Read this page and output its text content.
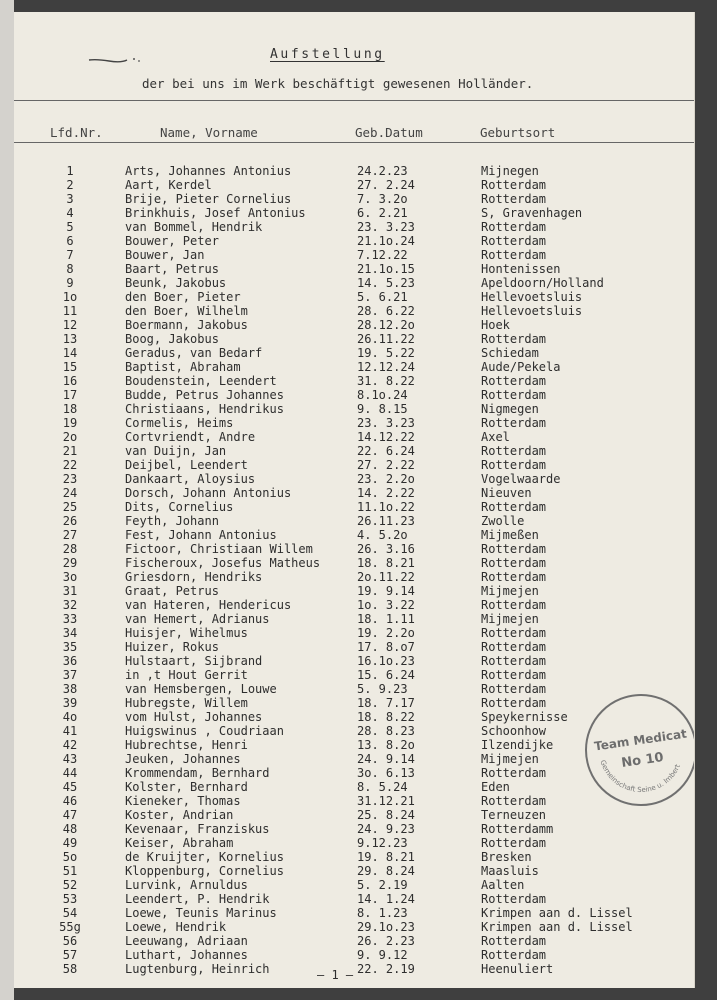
Aufstellung
der bei uns im Werk beschäftigt gewesenen Holländer.
Lfd.Nr.	Name, Vorname	Geb.Datum	Geburtsort
1	Arts, Johannes Antonius	24.2.23	Mijnegen
2	Aart, Kerdel	27. 2.24	Rotterdam
3	Brije, Pieter Cornelius	7. 3.2o	Rotterdam
4	Brinkhuis, Josef Antonius	6. 2.21	S, Gravenhagen
5	van Bommel, Hendrik	23. 3.23	Rotterdam
6	Bouwer, Peter	21.1o.24	Rotterdam
7	Bouwer, Jan	7.12.22	Rotterdam
8	Baart, Petrus	21.1o.15	Hontenissen
9	Beunk, Jakobus	14. 5.23	Apeldoorn/Holland
1o	den Boer, Pieter	5. 6.21	Hellevoetsluis
11	den Boer, Wilhelm	28. 6.22	Hellevoetsluis
12	Boermann, Jakobus	28.12.2o	Hoek
13	Boog, Jakobus	26.11.22	Rotterdam
14	Geradus, van Bedarf	19. 5.22	Schiedam
15	Baptist, Abraham	12.12.24	Aude/Pekela
16	Boudenstein, Leendert	31. 8.22	Rotterdam
17	Budde, Petrus Johannes	8.1o.24	Rotterdam
18	Christiaans, Hendrikus	9. 8.15	Nigmegen
19	Cormelis, Heims	23. 3.23	Rotterdam
2o	Cortvriendt, Andre	14.12.22	Axel
21	van Duijn, Jan	22. 6.24	Rotterdam
22	Deijbel, Leendert	27. 2.22	Rotterdam
23	Dankaart, Aloysius	23. 2.2o	Vogelwaarde
24	Dorsch, Johann Antonius	14. 2.22	Nieuven
25	Dits, Cornelius	11.1o.22	Rotterdam
26	Feyth, Johann	26.11.23	Zwolle
27	Fest, Johann Antonius	4. 5.2o	Mijmeßen
28	Fictoor, Christiaan Willem	26. 3.16	Rotterdam
29	Fischeroux, Josefus Matheus	18. 8.21	Rotterdam
3o	Griesdorn, Hendriks	2o.11.22	Rotterdam
31	Graat, Petrus	19. 9.14	Mijmejen
32	van Hateren, Hendericus	1o. 3.22	Rotterdam
33	van Hemert, Adrianus	18. 1.11	Mijmejen
34	Huisjer, Wihelmus	19. 2.2o	Rotterdam
35	Huizer, Rokus	17. 8.o7	Rotterdam
36	Hulstaart, Sijbrand	16.1o.23	Rotterdam
37	in ,t Hout Gerrit	15. 6.24	Rotterdam
38	van Hemsbergen, Louwe	5. 9.23	Rotterdam
39	Hubregste, Willem	18. 7.17	Rotterdam
4o	vom Hulst, Johannes	18. 8.22	Speykernisse
41	Huigswinus , Coudriaan	28. 8.23	Schoonhow
42	Hubrechtse, Henri	13. 8.2o	Ilzendijke
43	Jeuken, Johannes	24. 9.14	Mijmejen
44	Krommendam, Bernhard	3o. 6.13	Rotterdam
45	Kolster, Bernhard	8. 5.24	Eden
46	Kieneker, Thomas	31.12.21	Rotterdam
47	Koster, Andrian	25. 8.24	Terneuzen
48	Kevenaar, Franziskus	24. 9.23	Rotterdamm
49	Keiser, Abraham	9.12.23	Rotterdam
5o	de Kruijter, Kornelius	19. 8.21	Bresken
51	Kloppenburg, Cornelius	29. 8.24	Maasluis
52	Lurvink, Arnuldus	5. 2.19	Aalten
53	Leendert, P. Hendrik	14. 1.24	Rotterdam
54	Loewe, Teunis Marinus	8. 1.23	Krimpen aan d. Lissel
55g	Loewe, Hendrik	29.1o.23	Krimpen aan d. Lissel
56	Leeuwang, Adriaan	26. 2.23	Rotterdam
57	Luthart, Johannes	9. 9.12	Rotterdam
58	Lugtenburg, Heinrich	22. 2.19	Heenuliert
– 1 –
Team Medicat
No 10
Gemeinschaft Seine u. Imbert
